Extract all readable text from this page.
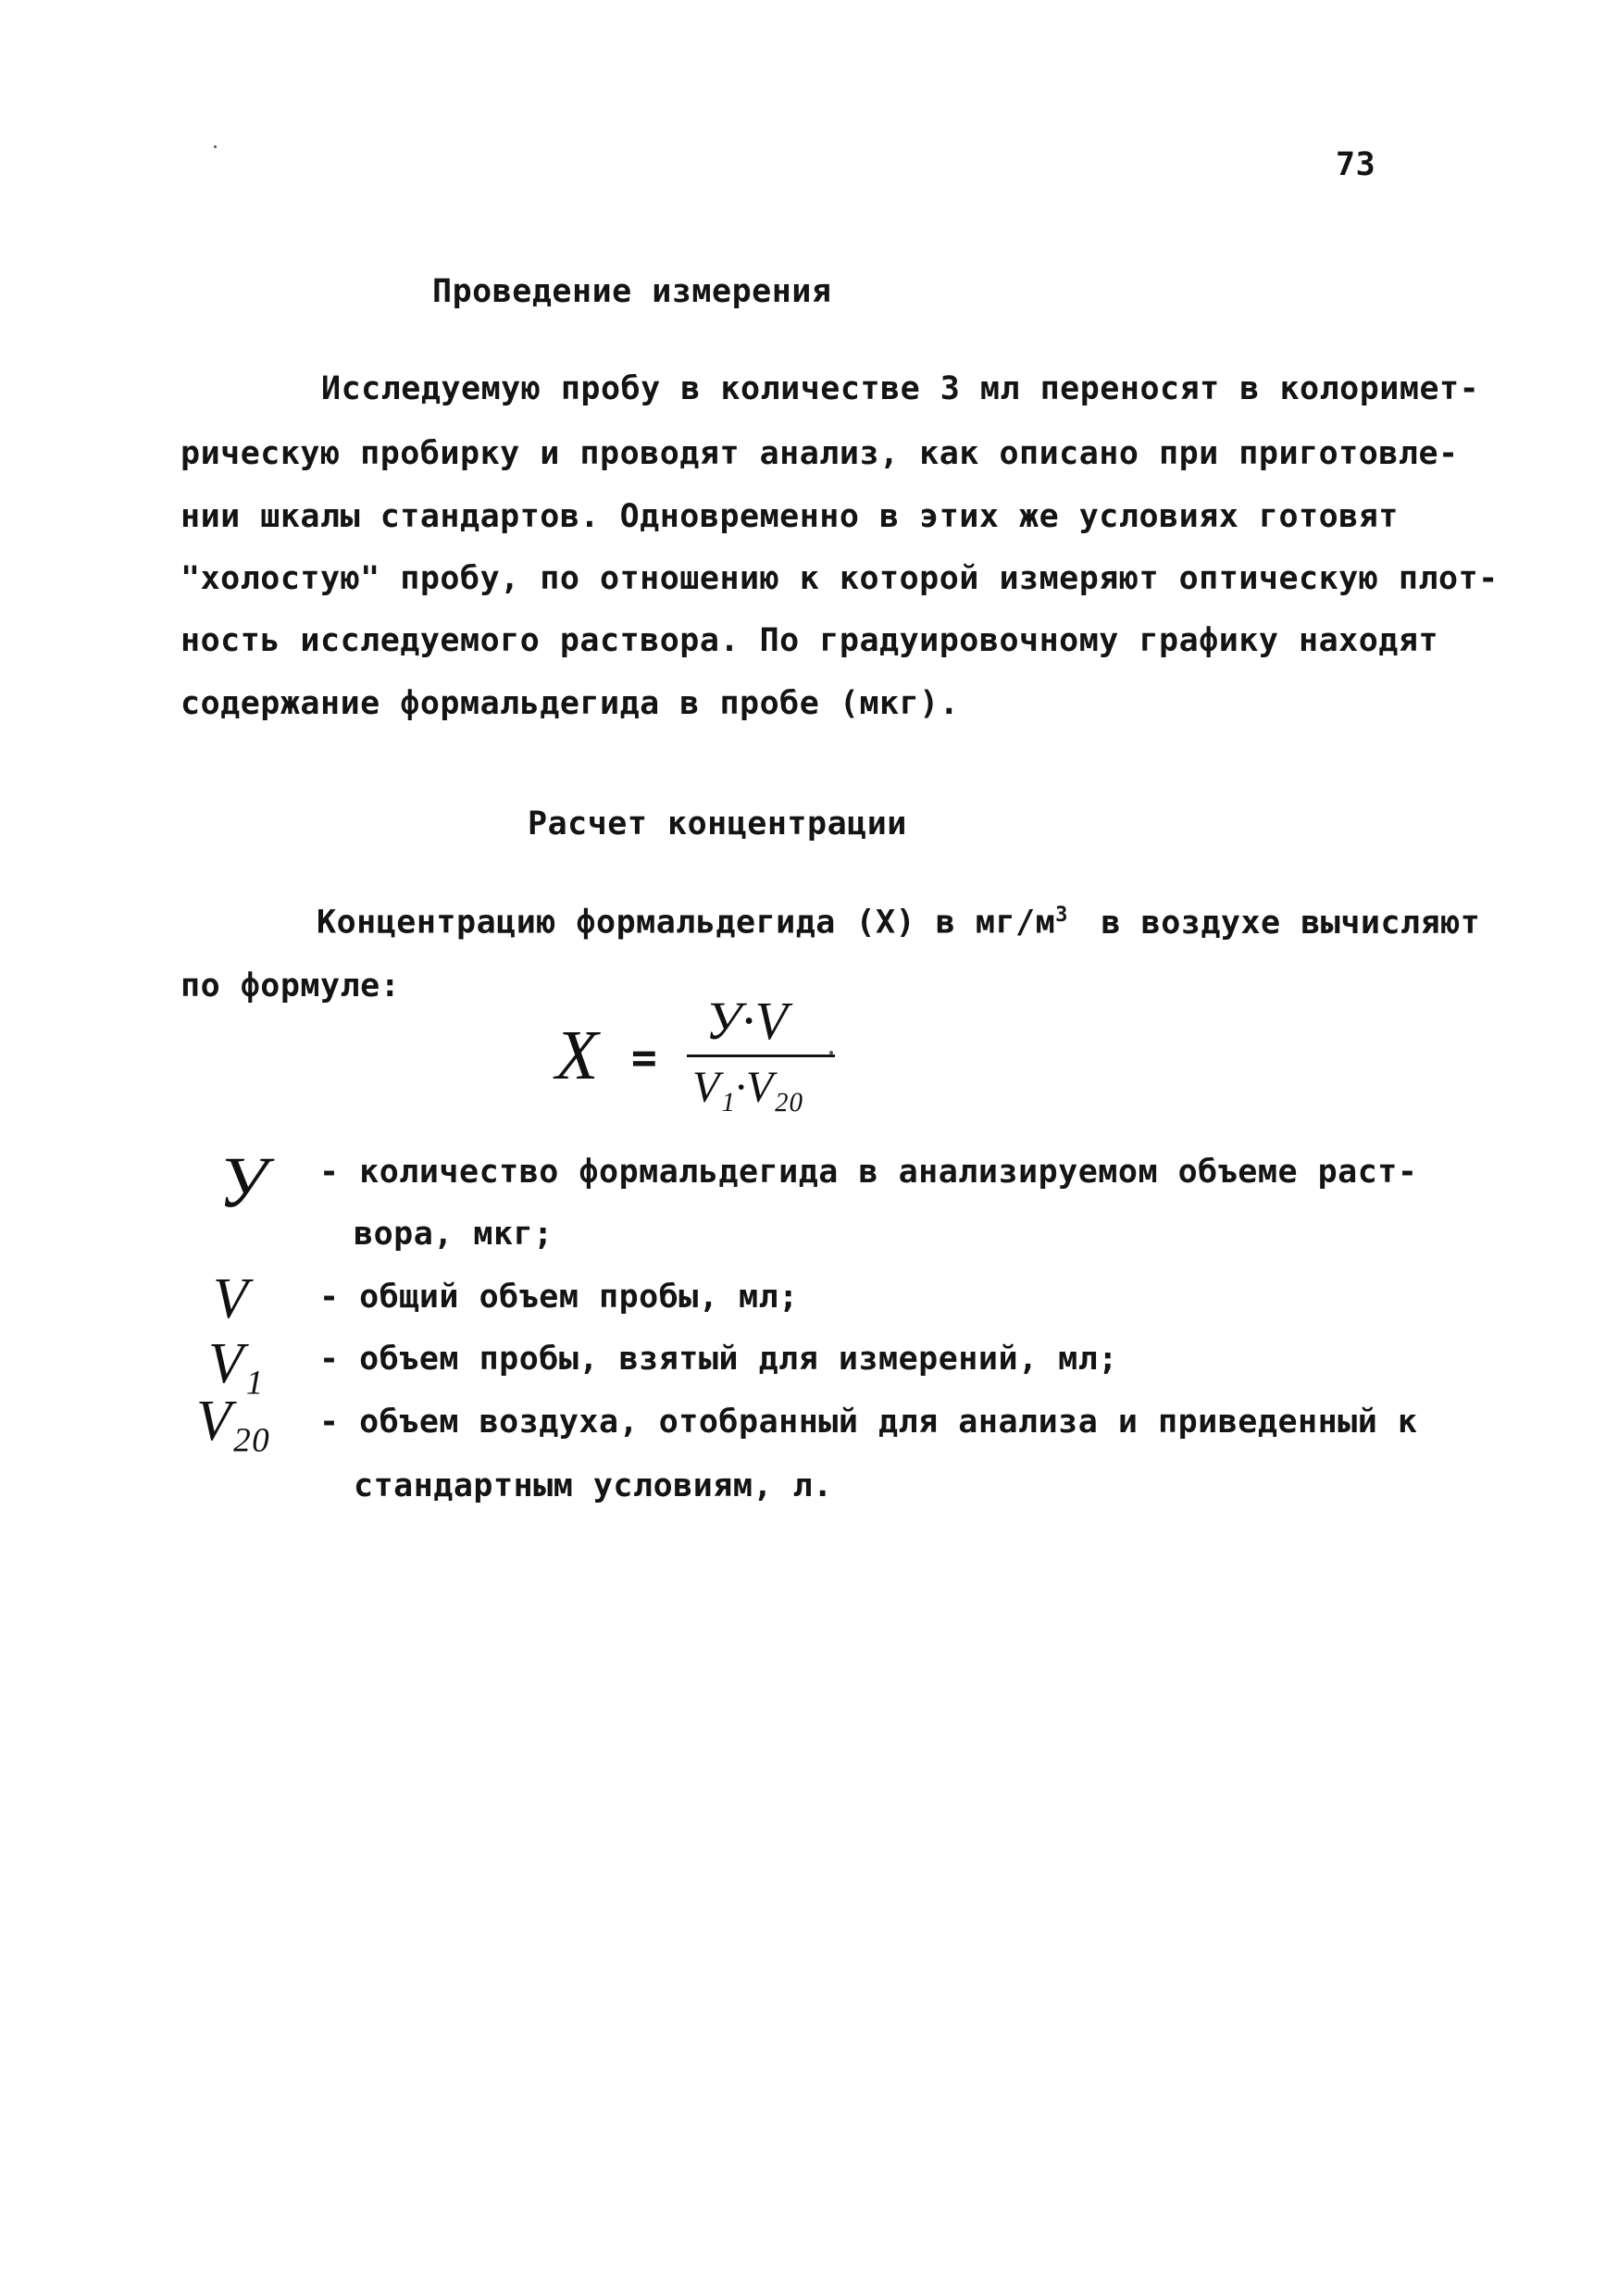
73
Проведение измерения
Исследуемую пробу в количестве 3 мл переносят в колоримет-
рическую пробирку и проводят анализ, как описано при приготовле-
нии шкалы стандартов. Одновременно в этих же условиях готовят
"холостую" пробу, по отношению к которой измеряют оптическую плот-
ность исследуемого раствора. По градуировочному графику находят
содержание формальдегида в пробе (мкг).
Расчет концентрации
Концентрацию формальдегида (X) в $мг/м^3$ в воздухе вычисляют
по формуле:
X =
У·V
V₁·V₂₀
У - количество формальдегида в анализируемом объеме раст-
вора, мкг;
V - общий объем пробы, мл;
V₁ - объем пробы, взятый для измерений, мл;
V₂₀ - объем воздуха, отобранный для анализа и приведенный к
стандартным условиям, л.
